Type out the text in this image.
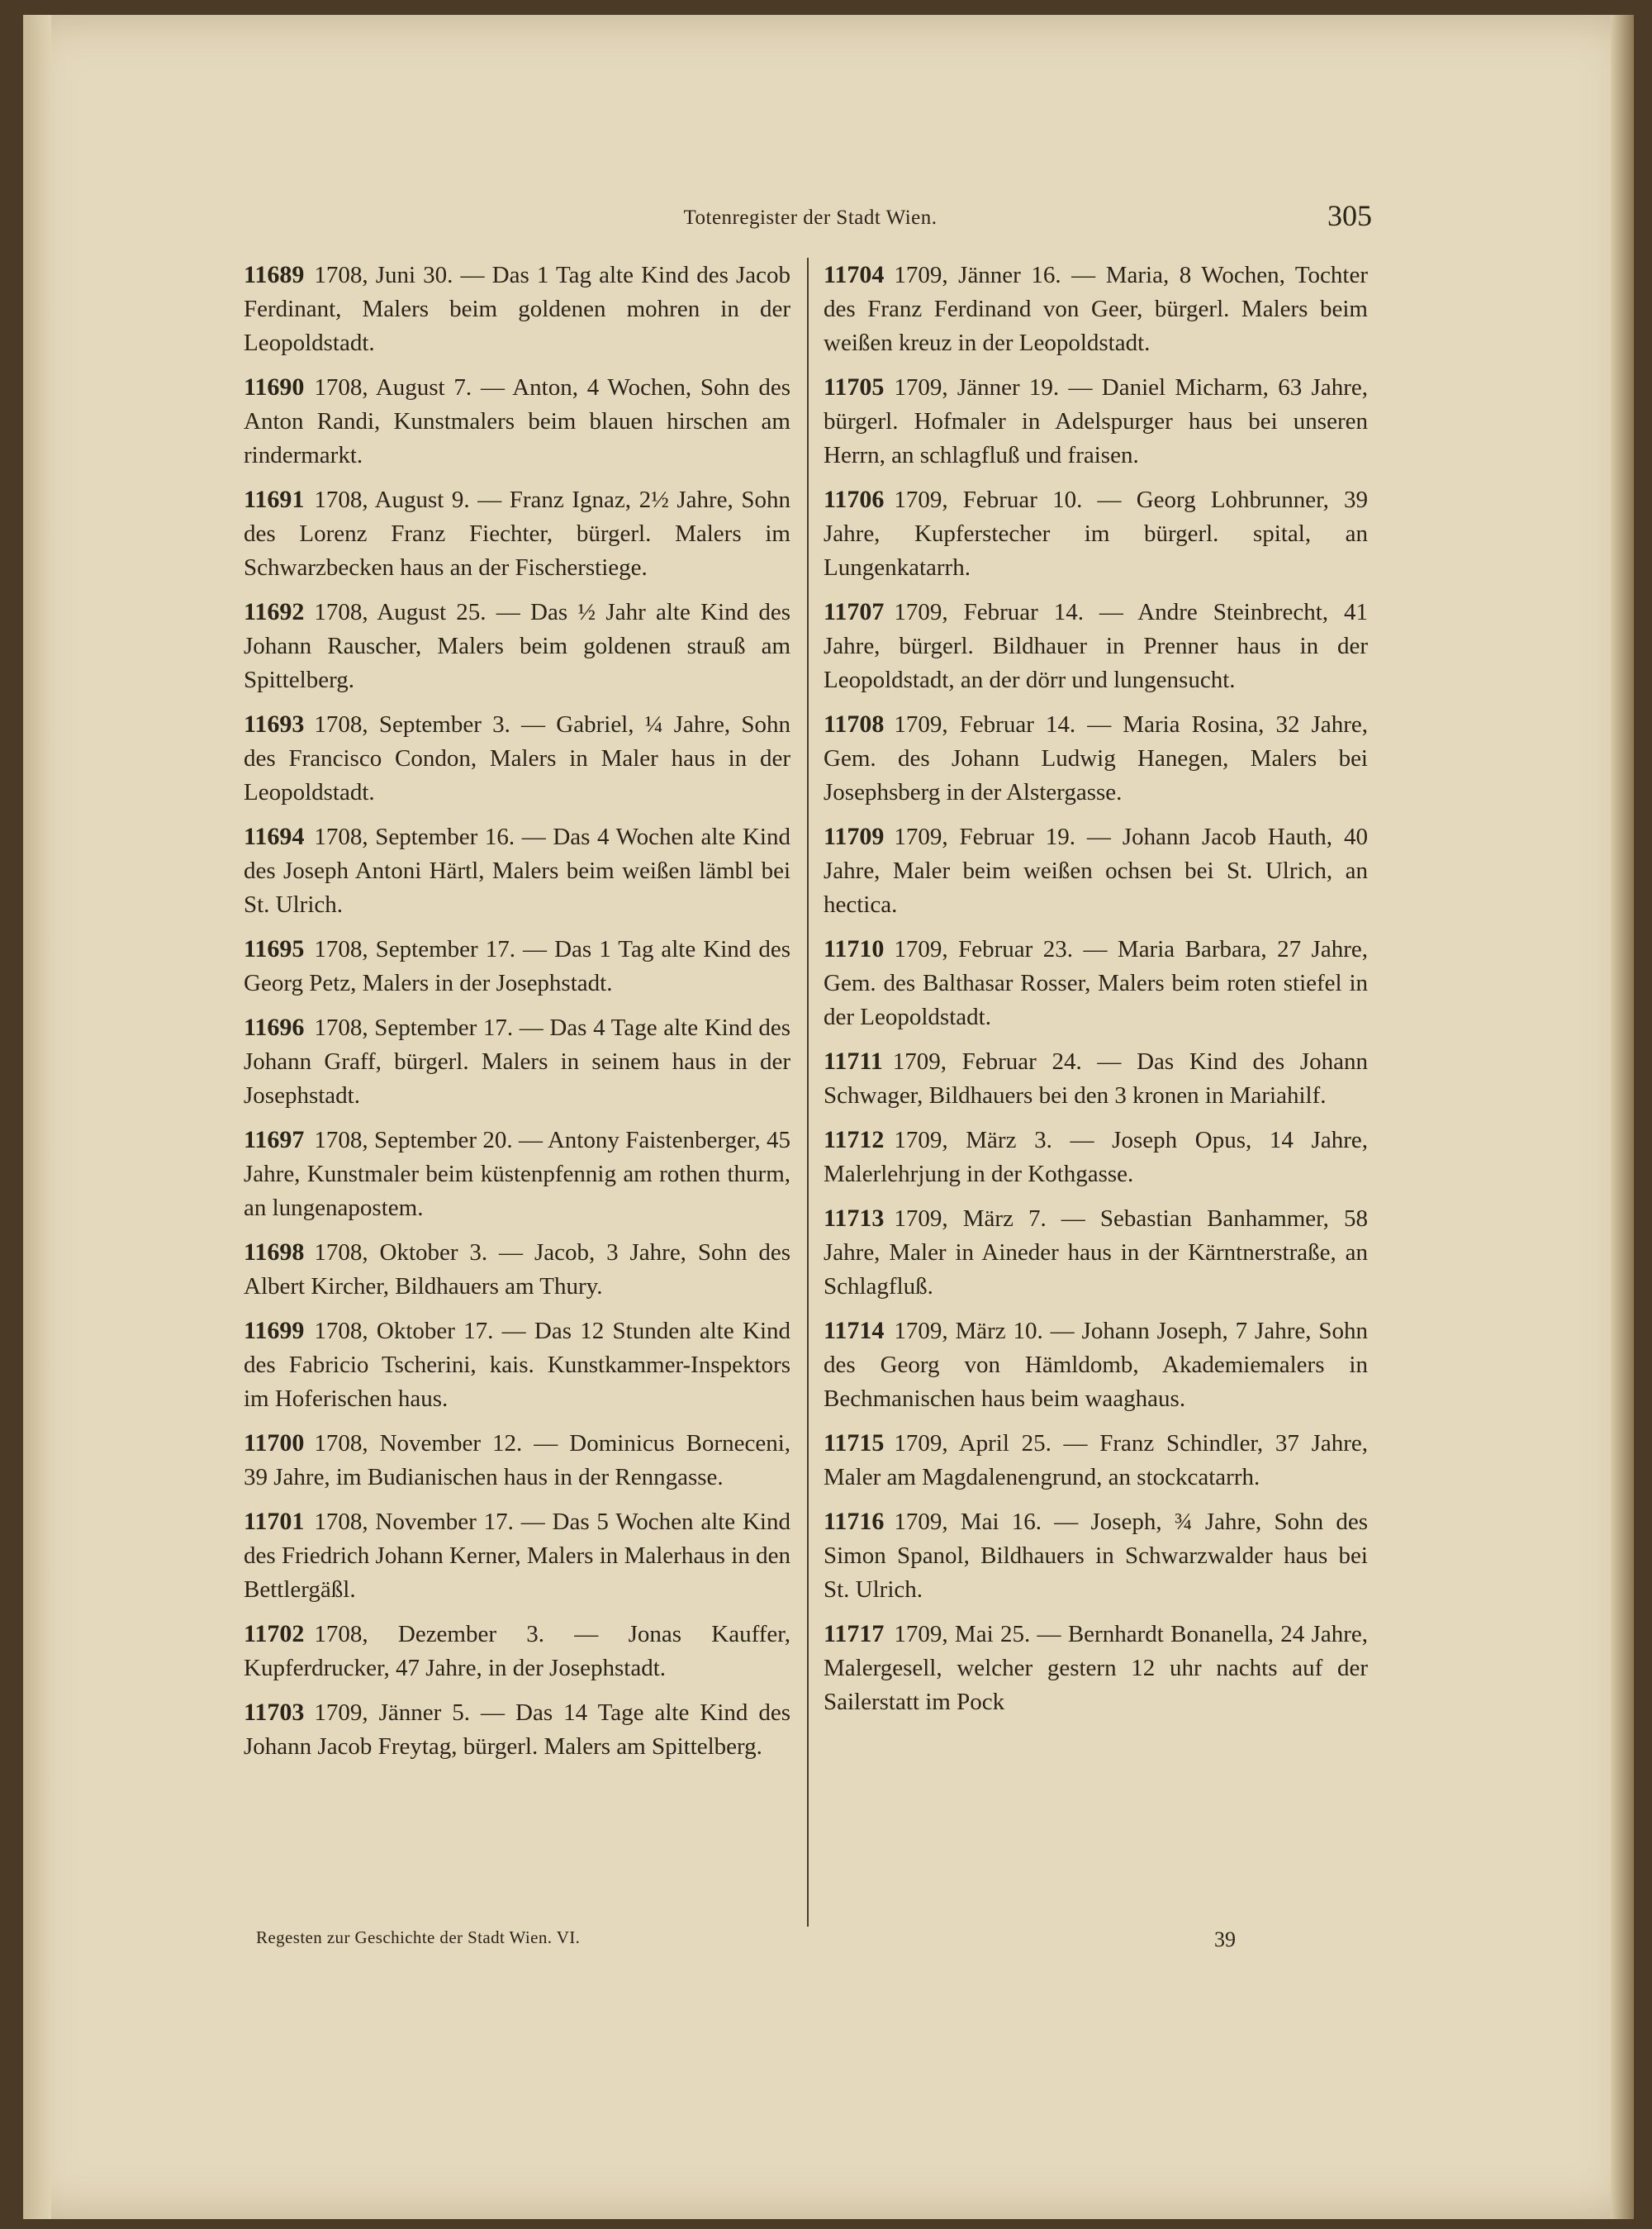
Totenregister der Stadt Wien.	305

11689 1708, Juni 30. — Das 1 Tag alte Kind des Jacob Ferdinant, Malers beim goldenen mohren in der Leopoldstadt.

11690 1708, August 7. — Anton, 4 Wochen, Sohn des Anton Randi, Kunstmalers beim blauen hirschen am rindermarkt.

11691 1708, August 9. — Franz Ignaz, 2½ Jahre, Sohn des Lorenz Franz Fiechter, bürgerl. Malers im Schwarzbecken haus an der Fischerstiege.

11692 1708, August 25. — Das ½ Jahr alte Kind des Johann Rauscher, Malers beim goldenen strauß am Spittelberg.

11693 1708, September 3. — Gabriel, ¼ Jahre, Sohn des Francisco Condon, Malers in Maler haus in der Leopoldstadt.

11694 1708, September 16. — Das 4 Wochen alte Kind des Joseph Antoni Härtl, Malers beim weißen lämbl bei St. Ulrich.

11695 1708, September 17. — Das 1 Tag alte Kind des Georg Petz, Malers in der Josephstadt.

11696 1708, September 17. — Das 4 Tage alte Kind des Johann Graff, bürgerl. Malers in seinem haus in der Josephstadt.

11697 1708, September 20. — Antony Faistenberger, 45 Jahre, Kunstmaler beim küstenpfennig am rothen thurm, an lungenapostem.

11698 1708, Oktober 3. — Jacob, 3 Jahre, Sohn des Albert Kircher, Bildhauers am Thury.

11699 1708, Oktober 17. — Das 12 Stunden alte Kind des Fabricio Tscherini, kais. Kunstkammer-Inspektors im Hoferischen haus.

11700 1708, November 12. — Dominicus Borneceni, 39 Jahre, im Budianischen haus in der Renngasse.

11701 1708, November 17. — Das 5 Wochen alte Kind des Friedrich Johann Kerner, Malers in Malerhaus in den Bettlergäßl.

11702 1708, Dezember 3. — Jonas Kauffer, Kupferdrucker, 47 Jahre, in der Josephstadt.

11703 1709, Jänner 5. — Das 14 Tage alte Kind des Johann Jacob Freytag, bürgerl. Malers am Spittelberg.

11704 1709, Jänner 16. — Maria, 8 Wochen, Tochter des Franz Ferdinand von Geer, bürgerl. Malers beim weißen kreuz in der Leopoldstadt.

11705 1709, Jänner 19. — Daniel Micharm, 63 Jahre, bürgerl. Hofmaler in Adelspurger haus bei unseren Herrn, an schlagfluß und fraisen.

11706 1709, Februar 10. — Georg Lohbrunner, 39 Jahre, Kupferstecher im bürgerl. spital, an Lungenkatarrh.

11707 1709, Februar 14. — Andre Steinbrecht, 41 Jahre, bürgerl. Bildhauer in Prenner haus in der Leopoldstadt, an der dörr und lungensucht.

11708 1709, Februar 14. — Maria Rosina, 32 Jahre, Gem. des Johann Ludwig Hanegen, Malers bei Josephsberg in der Alstergasse.

11709 1709, Februar 19. — Johann Jacob Hauth, 40 Jahre, Maler beim weißen ochsen bei St. Ulrich, an hectica.

11710 1709, Februar 23. — Maria Barbara, 27 Jahre, Gem. des Balthasar Rosser, Malers beim roten stiefel in der Leopoldstadt.

11711 1709, Februar 24. — Das Kind des Johann Schwager, Bildhauers bei den 3 kronen in Mariahilf.

11712 1709, März 3. — Joseph Opus, 14 Jahre, Malerlehrjung in der Kothgasse.

11713 1709, März 7. — Sebastian Banhammer, 58 Jahre, Maler in Aineder haus in der Kärntnerstraße, an Schlagfluß.

11714 1709, März 10. — Johann Joseph, 7 Jahre, Sohn des Georg von Hämldomb, Akademiemalers in Bechmanischen haus beim waaghaus.

11715 1709, April 25. — Franz Schindler, 37 Jahre, Maler am Magdalenengrund, an stockcatarrh.

11716 1709, Mai 16. — Joseph, ¾ Jahre, Sohn des Simon Spanol, Bildhauers in Schwarzwalder haus bei St. Ulrich.

11717 1709, Mai 25. — Bernhardt Bonanella, 24 Jahre, Malergesell, welcher gestern 12 uhr nachts auf der Sailerstatt im Pock

Regesten zur Geschichte der Stadt Wien. VI.	39
